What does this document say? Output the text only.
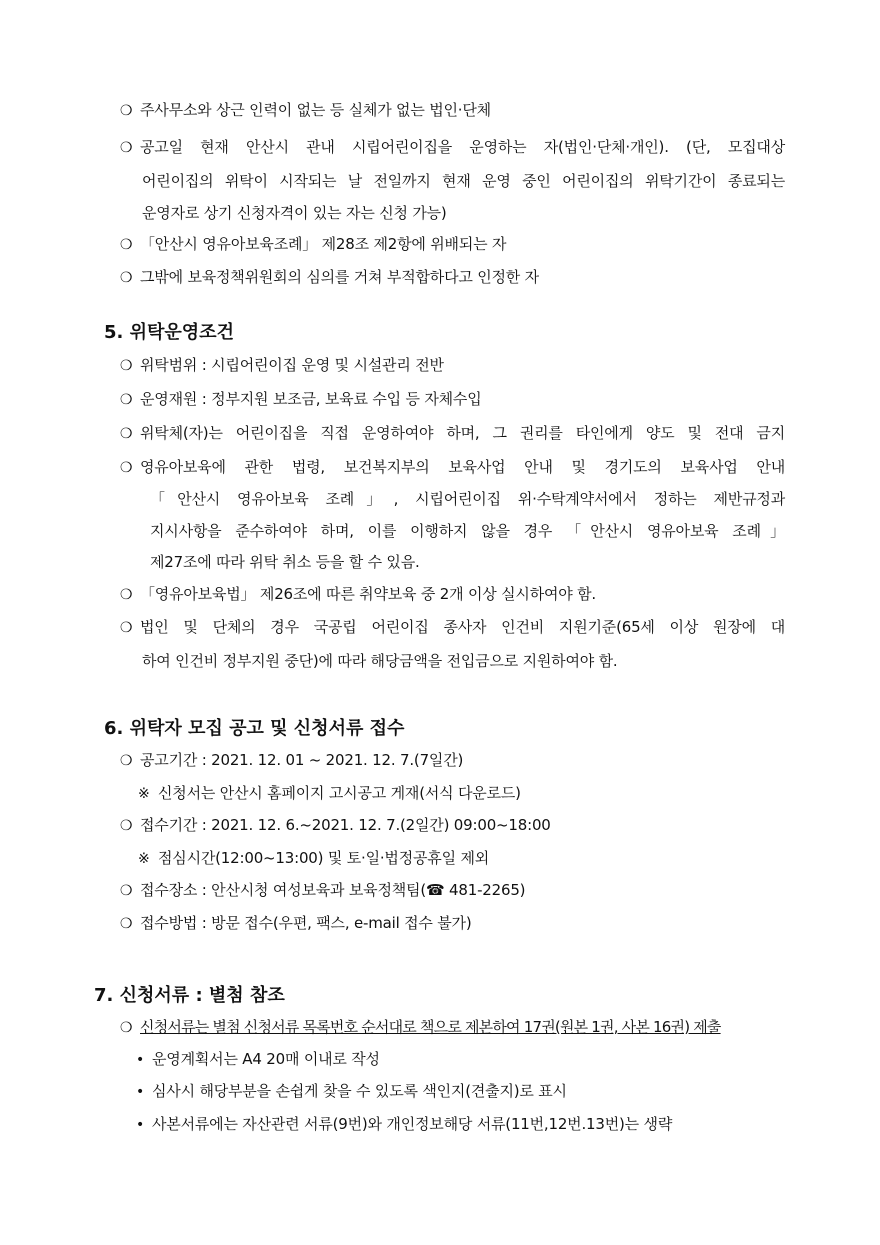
❍ 주사무소와 상근 인력이 없는 등 실체가 없는 법인·단체
❍ 공고일 현재 안산시 관내 시립어린이집을 운영하는 자(법인·단체·개인). (단, 모집대상
어린이집의 위탁이 시작되는 날 전일까지 현재 운영 중인 어린이집의 위탁기간이 종료되는
운영자로 상기 신청자격이 있는 자는 신청 가능)
❍ 「안산시 영유아보육조례」 제28조 제2항에 위배되는 자
❍ 그밖에 보육정책위원회의 심의를 거쳐 부적합하다고 인정한 자
5. 위탁운영조건
❍ 위탁범위 : 시립어린이집 운영 및 시설관리 전반
❍ 운영재원 : 정부지원 보조금, 보육료 수입 등 자체수입
❍ 위탁체(자)는 어린이집을 직접 운영하여야 하며, 그 권리를 타인에게 양도 및 전대 금지
❍ 영유아보육에 관한 법령, 보건복지부의 보육사업 안내 및 경기도의 보육사업 안내
「안산시 영유아보육 조례」, 시립어린이집 위·수탁계약서에서 정하는 제반규정과
지시사항을 준수하여야 하며, 이를 이행하지 않을 경우 「안산시 영유아보육 조례」
제27조에 따라 위탁 취소 등을 할 수 있음.
❍ 「영유아보육법」 제26조에 따른 취약보육 중 2개 이상 실시하여야 함.
❍ 법인 및 단체의 경우 국공립 어린이집 종사자 인건비 지원기준(65세 이상 원장에 대
하여 인건비 정부지원 중단)에 따라 해당금액을 전입금으로 지원하여야 함.
6. 위탁자 모집 공고 및 신청서류 접수
❍ 공고기간 : 2021. 12. 01 ~ 2021. 12. 7.(7일간)
※ 신청서는 안산시 홈페이지 고시공고 게재(서식 다운로드)
❍ 접수기간 : 2021. 12. 6.~2021. 12. 7.(2일간) 09:00~18:00
※ 점심시간(12:00~13:00) 및 토·일·법정공휴일 제외
❍ 접수장소 : 안산시청 여성보육과 보육정책팀(☎ 481-2265)
❍ 접수방법 : 방문 접수(우편, 팩스, e-mail 접수 불가)
7. 신청서류 : 별첨 참조
❍ 신청서류는 별첨 신청서류 목록번호 순서대로 책으로 제본하여 17권(원본 1권, 사본 16권) 제출
• 운영계획서는 A4 20매 이내로 작성
• 심사시 해당부분을 손쉽게 찾을 수 있도록 색인지(견출지)로 표시
• 사본서류에는 자산관련 서류(9번)와 개인정보해당 서류(11번,12번.13번)는 생략
